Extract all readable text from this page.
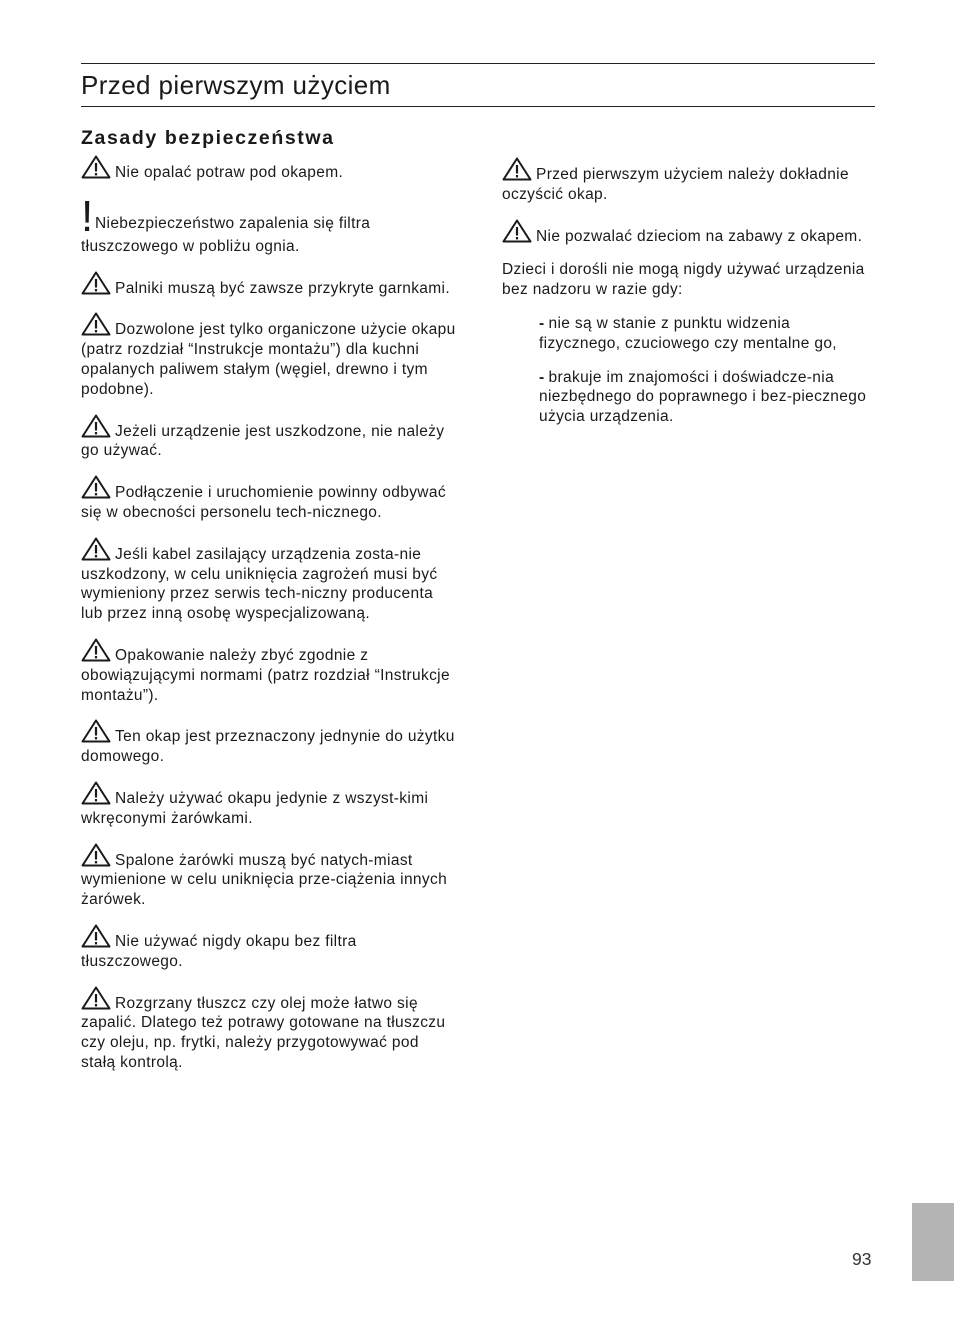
Przed pierwszym użyciem
Zasady bezpieczeństwa

Nie opalać potraw pod okapem.

!Niebezpieczeństwo zapalenia się filtra tłuszczowego w pobliżu ognia.

Palniki muszą być zawsze przykryte garnkami.

Dozwolone jest tylko organiczone użycie okapu (patrz rozdział “Instrukcje montażu”) dla kuchni opalanych paliwem stałym (węgiel, drewno i tym podobne).

Jeżeli urządzenie jest uszkodzone, nie należy go używać.

Podłączenie i uruchomienie powinny odbywać się w obecności personelu tech-nicznego.

Jeśli kabel zasilający urządzenia zosta-nie uszkodzony, w celu uniknięcia zagrożeń musi być wymieniony przez serwis tech-niczny producenta lub przez inną osobę wyspecjalizowaną.

Opakowanie należy zbyć zgodnie z obowiązującymi normami (patrz rozdział “Instrukcje montażu”).

Ten okap jest przeznaczony jednynie do użytku domowego.

Należy używać okapu jedynie z wszyst-kimi wkręconymi żarówkami.

Spalone żarówki muszą być natych-miast wymienione w celu uniknięcia prze-ciążenia innych żarówek.

Nie używać nigdy okapu bez filtra tłuszczowego.

Rozgrzany tłuszcz czy olej może łatwo się zapalić. Dlatego też potrawy gotowane na tłuszczu czy oleju, np. frytki, należy przygotowywać pod stałą kontrolą.

Przed pierwszym użyciem należy dokładnie oczyścić okap.

Nie pozwalać dzieciom na zabawy z okapem.

Dzieci i dorośli nie mogą nigdy używać urządzenia bez nadzoru w razie gdy:

- nie są w stanie z punktu widzenia fizycznego, czuciowego czy mentalne go,

- brakuje im znajomości i doświadcze-nia niezbędnego do poprawnego i bez-piecznego użycia urządzenia.

93
